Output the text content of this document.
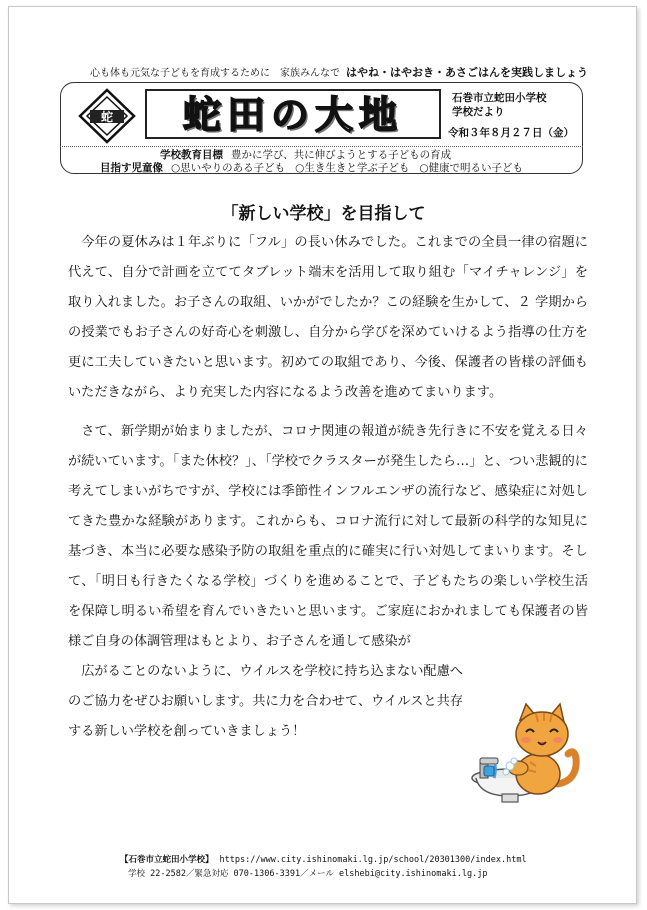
心も体も元気な子どもを育成するために　家族みんなで はやね・はやおき・あさごはんを実践しましょう
蛇	蛇田の大地	石巻市立蛇田小学校
学校だより
令和３年８月２７日（金）
学校教育目標 豊かに学び、共に伸びようとする子どもの育成
目指す児童像 ○思いやりのある子ども ○生き生きと学ぶ子ども ○健康で明るい子ども
「新しい学校」を目指して

今年の夏休みは１年ぶりに「フル」の長い休みでした。これまでの全員一律の宿題に代えて、自分で計画を立ててタブレット端末を活用して取り組む「マイチャレンジ」を取り入れました。お子さんの取組、いかがでしたか？この経験を生かして、２ 学期からの授業でもお子さんの好奇心を刺激し、自分から学びを深めていけるよう指導の仕方を更に工夫していきたいと思います。初めての取組であり、今後、保護者の皆様の評価もいただきながら、より充実した内容になるよう改善を進めてまいります。

さて、新学期が始まりましたが、コロナ関連の報道が続き先行きに不安を覚える日々が続いています。「また休校？」、「学校でクラスターが発生したら…」と、つい悲観的に考えてしまいがちですが、学校には季節性インフルエンザの流行など、感染症に対処してきた豊かな経験があります。これからも、コロナ流行に対して最新の科学的な知見に基づき、本当に必要な感染予防の取組を重点的に確実に行い対処してまいります。そして、「明日も行きたくなる学校」づくりを進めることで、子どもたちの楽しい学校生活を保障し明るい希望を育んでいきたいと思います。ご家庭におかれましても保護者の皆様ご自身の体調管理はもとより、お子さんを通して感染が
広がることのないように、ウイルスを学校に持ち込まない配慮へのご協力をぜひお願いします。共に力を合わせて、ウイルスと共存する新しい学校を創っていきましょう！

【石巻市立蛇田小学校】 https://www.city.ishinomaki.lg.jp/school/20301300/index.html
学校 22-2582／緊急対応 070-1306-3391／メール elshebi@city.ishinomaki.lg.jp
